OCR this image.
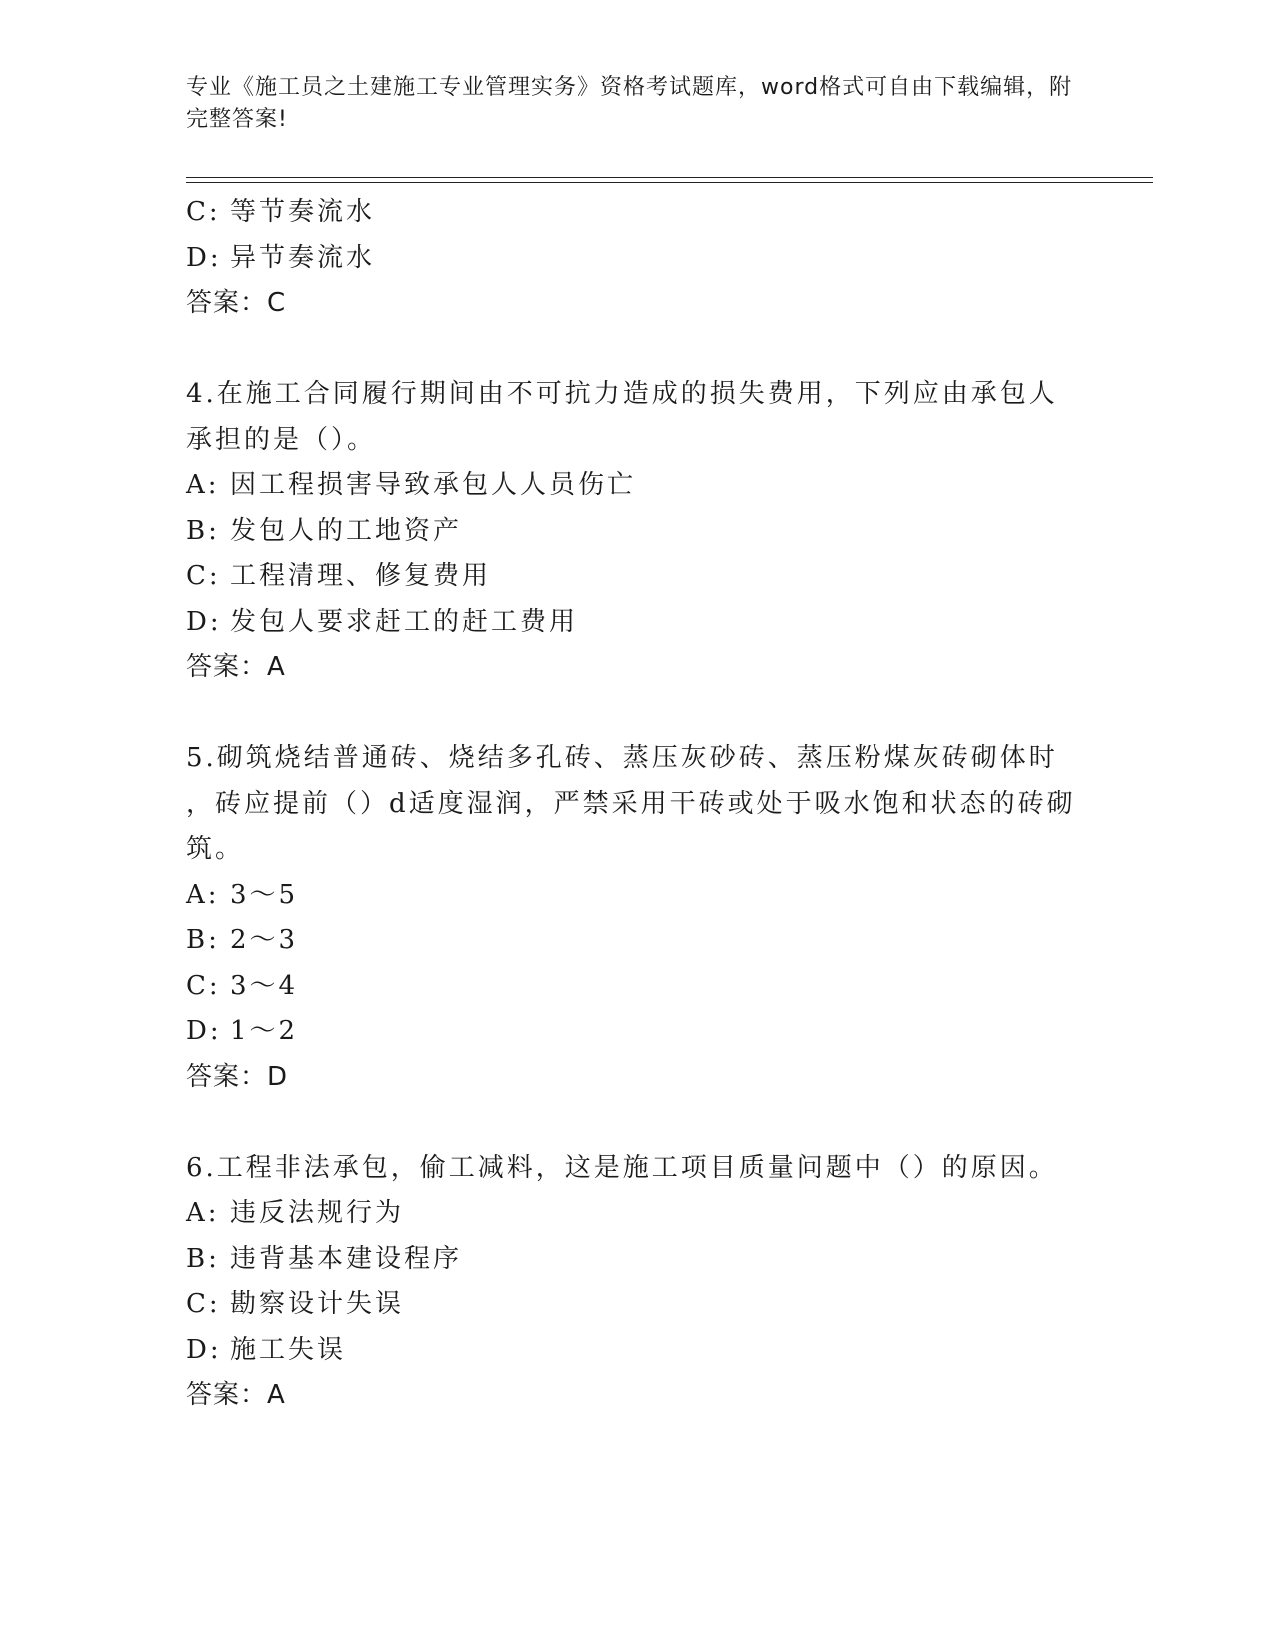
专业《施工员之土建施工专业管理实务》资格考试题库，word格式可自由下载编辑，附完整答案!
C: 等节奏流水
D: 异节奏流水
答案：C
4.在施工合同履行期间由不可抗力造成的损失费用，下列应由承包人
承担的是（）。
A: 因工程损害导致承包人人员伤亡
B: 发包人的工地资产
C: 工程清理、修复费用
D: 发包人要求赶工的赶工费用
答案：A
5.砌筑烧结普通砖、烧结多孔砖、蒸压灰砂砖、蒸压粉煤灰砖砌体时
，砖应提前（）d适度湿润，严禁采用干砖或处于吸水饱和状态的砖砌
筑。
A: 3～5
B: 2～3
C: 3～4
D: 1～2
答案：D
6.工程非法承包，偷工减料，这是施工项目质量问题中（）的原因。
A: 违反法规行为
B: 违背基本建设程序
C: 勘察设计失误
D: 施工失误
答案：A
